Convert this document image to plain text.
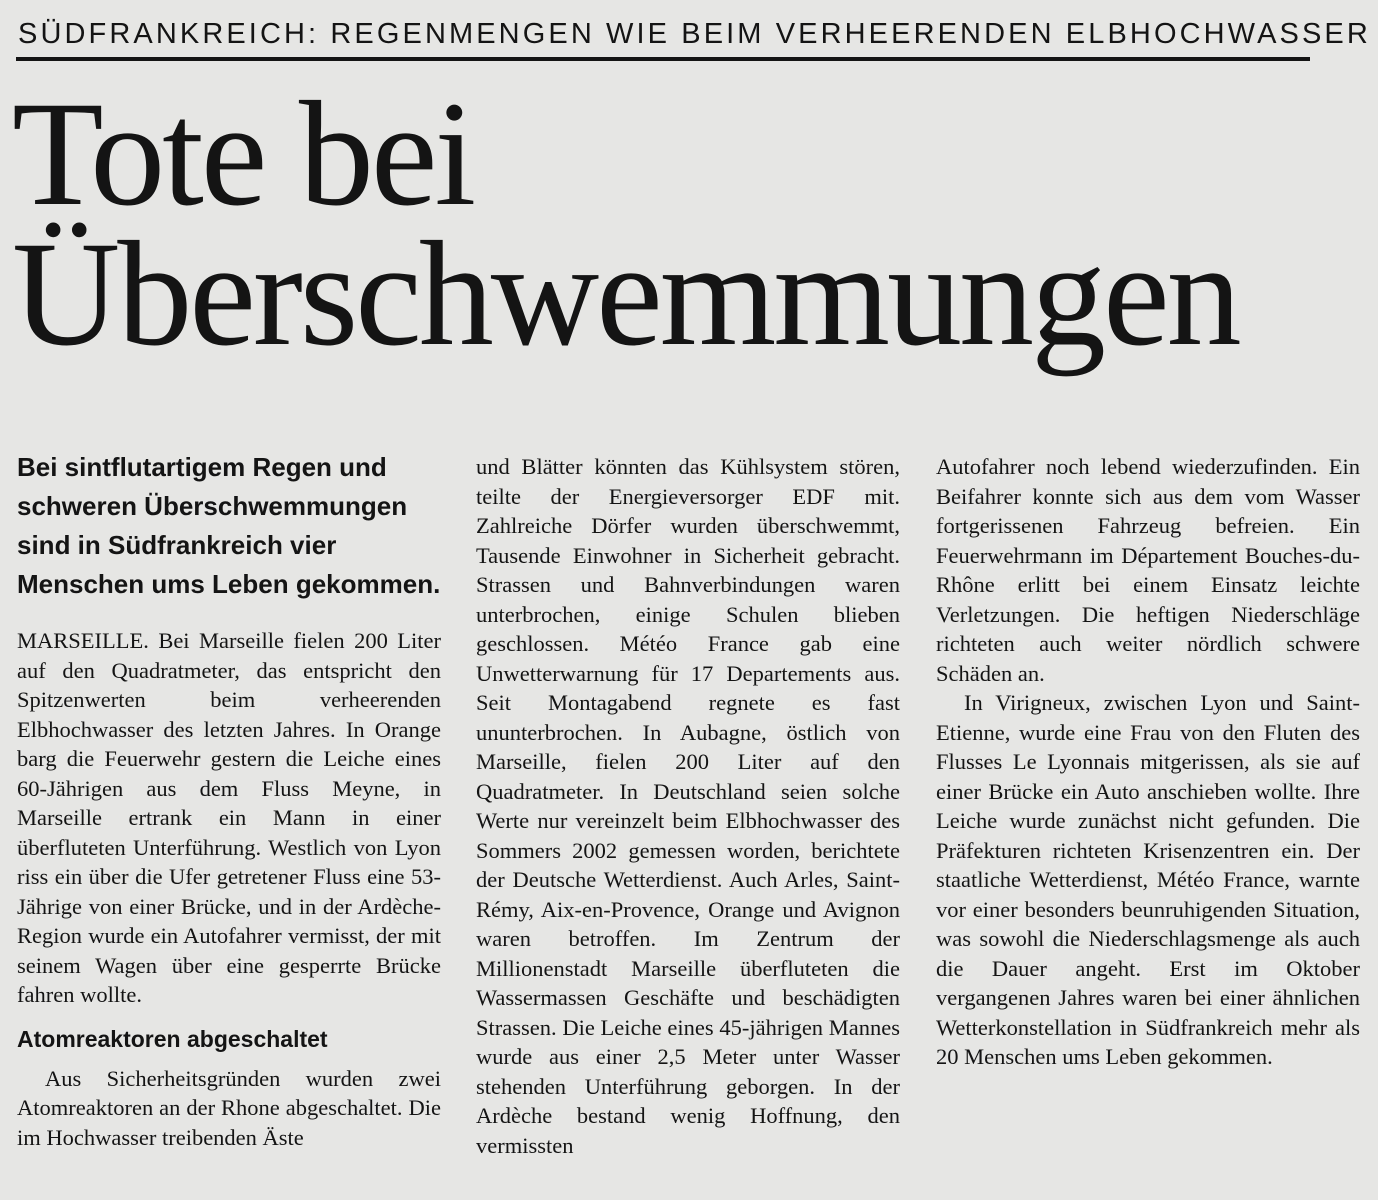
SÜDFRANKREICH: REGENMENGEN WIE BEIM VERHEERENDEN ELBHOCHWASSER
Tote bei
Überschwemmungen

Bei sintflutartigem Regen und schweren Überschwemmungen sind in Südfrankreich vier Menschen ums Leben gekommen.

MARSEILLE. Bei Marseille fielen 200 Liter auf den Quadratmeter, das entspricht den Spitzenwerten beim verheerenden Elbhochwasser des letzten Jahres. In Orange barg die Feuerwehr gestern die Leiche eines 60-Jährigen aus dem Fluss Meyne, in Marseille ertrank ein Mann in einer überfluteten Unterführung. Westlich von Lyon riss ein über die Ufer getretener Fluss eine 53-Jährige von einer Brücke, und in der Ardèche-Region wurde ein Autofahrer vermisst, der mit seinem Wagen über eine gesperrte Brücke fahren wollte.

Atomreaktoren abgeschaltet

Aus Sicherheitsgründen wurden zwei Atomreaktoren an der Rhone abgeschaltet. Die im Hochwasser treibenden Äste

und Blätter könnten das Kühlsystem stören, teilte der Energieversorger EDF mit. Zahlreiche Dörfer wurden überschwemmt, Tausende Einwohner in Sicherheit gebracht. Strassen und Bahnverbindungen waren unterbrochen, einige Schulen blieben geschlossen. Météo France gab eine Unwetterwarnung für 17 Departements aus. Seit Montagabend regnete es fast ununterbrochen. In Aubagne, östlich von Marseille, fielen 200 Liter auf den Quadratmeter. In Deutschland seien solche Werte nur vereinzelt beim Elbhochwasser des Sommers 2002 gemessen worden, berichtete der Deutsche Wetterdienst. Auch Arles, Saint-Rémy, Aix-en-Provence, Orange und Avignon waren betroffen. Im Zentrum der Millionenstadt Marseille überfluteten die Wassermassen Geschäfte und beschädigten Strassen. Die Leiche eines 45-jährigen Mannes wurde aus einer 2,5 Meter unter Wasser stehenden Unterführung geborgen. In der Ardèche bestand wenig Hoffnung, den vermissten

Autofahrer noch lebend wiederzufinden. Ein Beifahrer konnte sich aus dem vom Wasser fortgerissenen Fahrzeug befreien. Ein Feuerwehrmann im Département Bouches-du-Rhône erlitt bei einem Einsatz leichte Verletzungen. Die heftigen Niederschläge richteten auch weiter nördlich schwere Schäden an.

In Virigneux, zwischen Lyon und Saint-Etienne, wurde eine Frau von den Fluten des Flusses Le Lyonnais mitgerissen, als sie auf einer Brücke ein Auto anschieben wollte. Ihre Leiche wurde zunächst nicht gefunden. Die Präfekturen richteten Krisenzentren ein. Der staatliche Wetterdienst, Météo France, warnte vor einer besonders beunruhigenden Situation, was sowohl die Niederschlagsmenge als auch die Dauer angeht. Erst im Oktober vergangenen Jahres waren bei einer ähnlichen Wetterkonstellation in Südfrankreich mehr als 20 Menschen ums Leben gekommen.
